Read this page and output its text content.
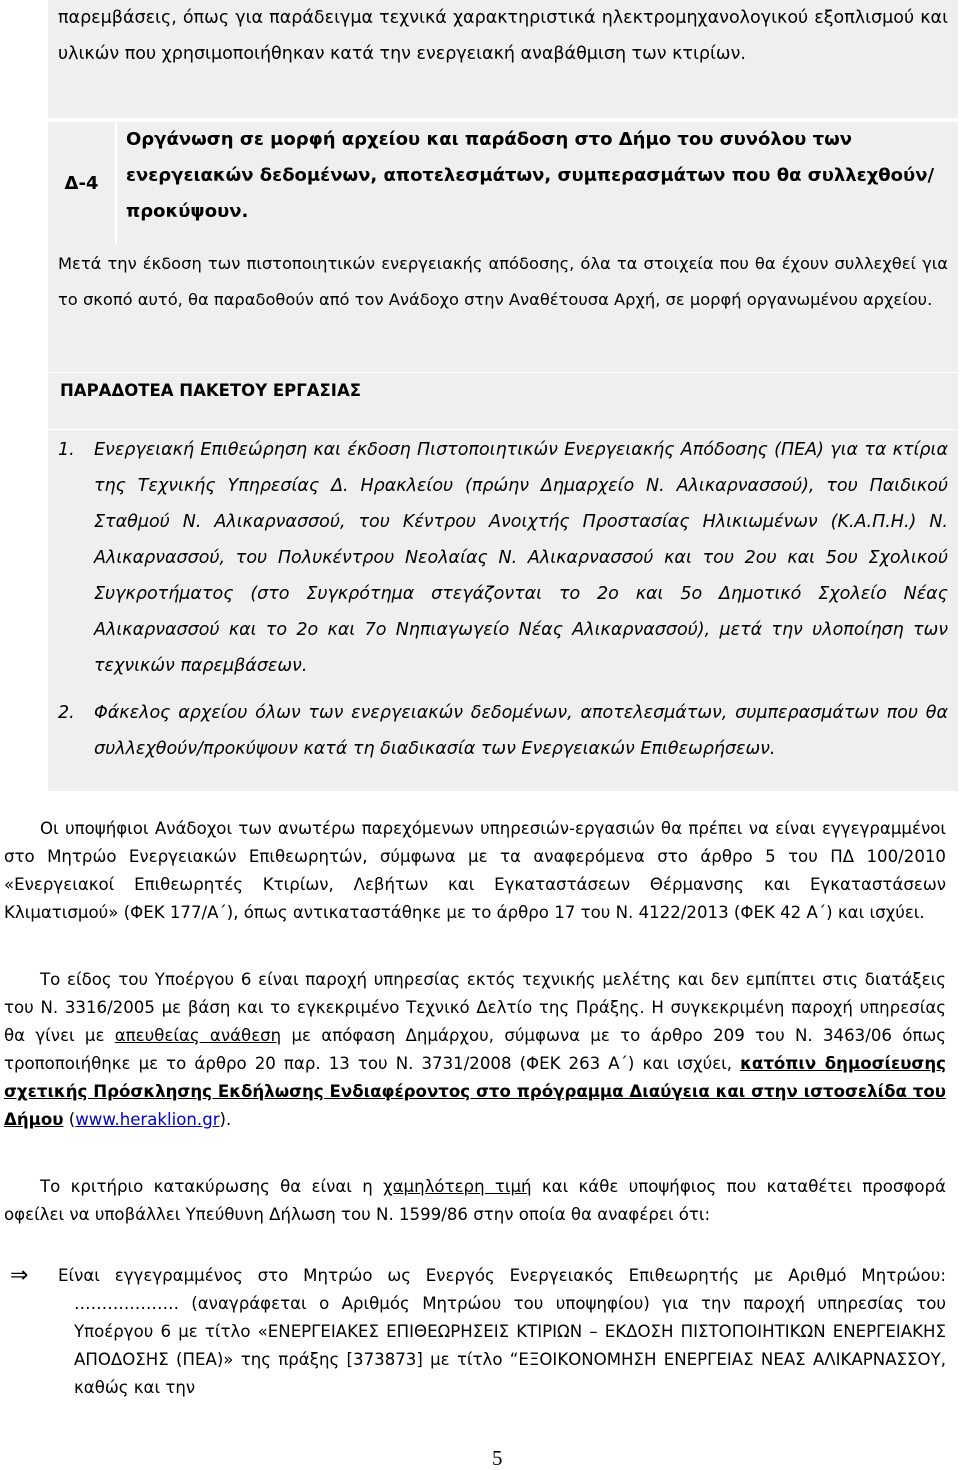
παρεμβάσεις, όπως για παράδειγμα τεχνικά χαρακτηριστικά ηλεκτρομηχανολογικού εξοπλισμού και υλικών που χρησιμοποιήθηκαν κατά την ενεργειακή αναβάθμιση των κτιρίων.

Δ-4

Οργάνωση σε μορφή αρχείου και παράδοση στο Δήμο του συνόλου των ενεργειακών δεδομένων, αποτελεσμάτων, συμπερασμάτων που θα συλλεχθούν/προκύψουν.

Μετά την έκδοση των πιστοποιητικών ενεργειακής απόδοσης, όλα τα στοιχεία που θα έχουν συλλεχθεί για το σκοπό αυτό, θα παραδοθούν από τον Ανάδοχο στην Αναθέτουσα Αρχή, σε μορφή οργανωμένου αρχείου.

ΠΑΡΑΔΟΤΕΑ ΠΑΚΕΤΟΥ ΕΡΓΑΣΙΑΣ

1. Ενεργειακή Επιθεώρηση και έκδοση Πιστοποιητικών Ενεργειακής Απόδοσης (ΠΕΑ) για τα κτίρια της Τεχνικής Υπηρεσίας Δ. Ηρακλείου (πρώην Δημαρχείο Ν. Αλικαρνασσού), του Παιδικού Σταθμού Ν. Αλικαρνασσού, του Κέντρου Ανοιχτής Προστασίας Ηλικιωμένων (Κ.Α.Π.Η.) Ν. Αλικαρνασσού, του Πολυκέντρου Νεολαίας Ν. Αλικαρνασσού και του 2ου και 5ου Σχολικού Συγκροτήματος (στο Συγκρότημα στεγάζονται το 2ο και 5ο Δημοτικό Σχολείο Νέας Αλικαρνασσού και το 2ο και 7ο Νηπιαγωγείο Νέας Αλικαρνασσού), μετά την υλοποίηση των τεχνικών παρεμβάσεων.
2. Φάκελος αρχείου όλων των ενεργειακών δεδομένων, αποτελεσμάτων, συμπερασμάτων που θα συλλεχθούν/προκύψουν κατά τη διαδικασία των Ενεργειακών Επιθεωρήσεων.

Οι υποψήφιοι Ανάδοχοι των ανωτέρω παρεχόμενων υπηρεσιών-εργασιών θα πρέπει να είναι εγγεγραμμένοι στο Μητρώο Ενεργειακών Επιθεωρητών, σύμφωνα με τα αναφερόμενα στο άρθρο 5 του ΠΔ 100/2010 «Ενεργειακοί Επιθεωρητές Κτιρίων, Λεβήτων και Εγκαταστάσεων Θέρμανσης και Εγκαταστάσεων Κλιματισμού» (ΦΕΚ 177/Α΄), όπως αντικαταστάθηκε με το άρθρο 17 του Ν. 4122/2013 (ΦΕΚ 42 Α΄) και ισχύει.

Το είδος του Υποέργου 6 είναι παροχή υπηρεσίας εκτός τεχνικής μελέτης και δεν εμπίπτει στις διατάξεις του Ν. 3316/2005 με βάση και το εγκεκριμένο Τεχνικό Δελτίο της Πράξης. Η συγκεκριμένη παροχή υπηρεσίας θα γίνει με απευθείας ανάθεση με απόφαση Δημάρχου, σύμφωνα με το άρθρο 209 του Ν. 3463/06 όπως τροποποιήθηκε με το άρθρο 20 παρ. 13 του Ν. 3731/2008 (ΦΕΚ 263 Α΄) και ισχύει, κατόπιν δημοσίευσης σχετικής Πρόσκλησης Εκδήλωσης Ενδιαφέροντος στο πρόγραμμα Διαύγεια και στην ιστοσελίδα του Δήμου (www.heraklion.gr).

Το κριτήριο κατακύρωσης θα είναι η χαμηλότερη τιμή και κάθε υποψήφιος που καταθέτει προσφορά οφείλει να υποβάλλει Υπεύθυνη Δήλωση του Ν. 1599/86 στην οποία θα αναφέρει ότι:

⇒ Είναι εγγεγραμμένος στο Μητρώο ως Ενεργός Ενεργειακός Επιθεωρητής με Αριθμό Μητρώου: ………………. (αναγράφεται ο Αριθμός Μητρώου του υποψηφίου) για την παροχή υπηρεσίας του Υποέργου 6 με τίτλο «ΕΝΕΡΓΕΙΑΚΕΣ ΕΠΙΘΕΩΡΗΣΕΙΣ ΚΤΙΡΙΩΝ – ΕΚΔΟΣΗ ΠΙΣΤΟΠΟΙΗΤΙΚΩΝ ΕΝΕΡΓΕΙΑΚΗΣ ΑΠΟΔΟΣΗΣ (ΠΕΑ)» της πράξης [373873] με τίτλο “ΕΞΟΙΚΟΝΟΜΗΣΗ ΕΝΕΡΓΕΙΑΣ ΝΕΑΣ ΑΛΙΚΑΡΝΑΣΣΟΥ, καθώς και την

5
